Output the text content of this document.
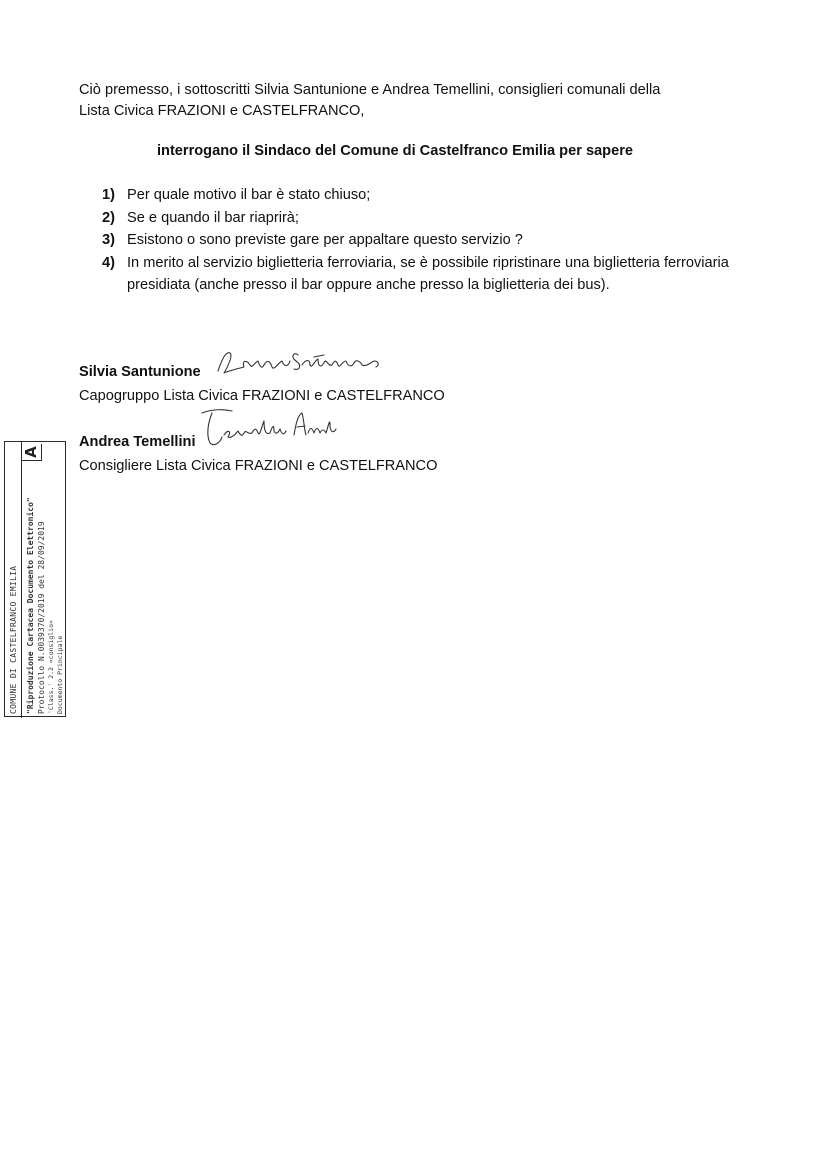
Ciò premesso, i sottoscritti Silvia Santunione e Andrea Temellini, consiglieri comunali della
Lista Civica FRAZIONI e CASTELFRANCO,
interrogano il Sindaco del Comune di Castelfranco Emilia per sapere
1) Per quale motivo il bar è stato chiuso;
2) Se e quando il bar riaprirà;
3) Esistono o sono previste gare per appaltare questo servizio ?
4) In merito al servizio biglietteria ferroviaria, se è possibile ripristinare una biglietteria ferroviaria presidiata (anche presso il bar oppure anche presso la biglietteria dei bus).
Silvia Santunione
Capogruppo Lista Civica FRAZIONI e CASTELFRANCO
Andrea Temellini
Consigliere Lista Civica FRAZIONI e CASTELFRANCO
COMUNE DI CASTELFRANCO EMILIA
A
"Riproduzione Cartacea Documento Elettronico" Protocollo N.0039370/2019 del 28/09/2019 'Class.' 2.2 «consiglio» Documento Principale
